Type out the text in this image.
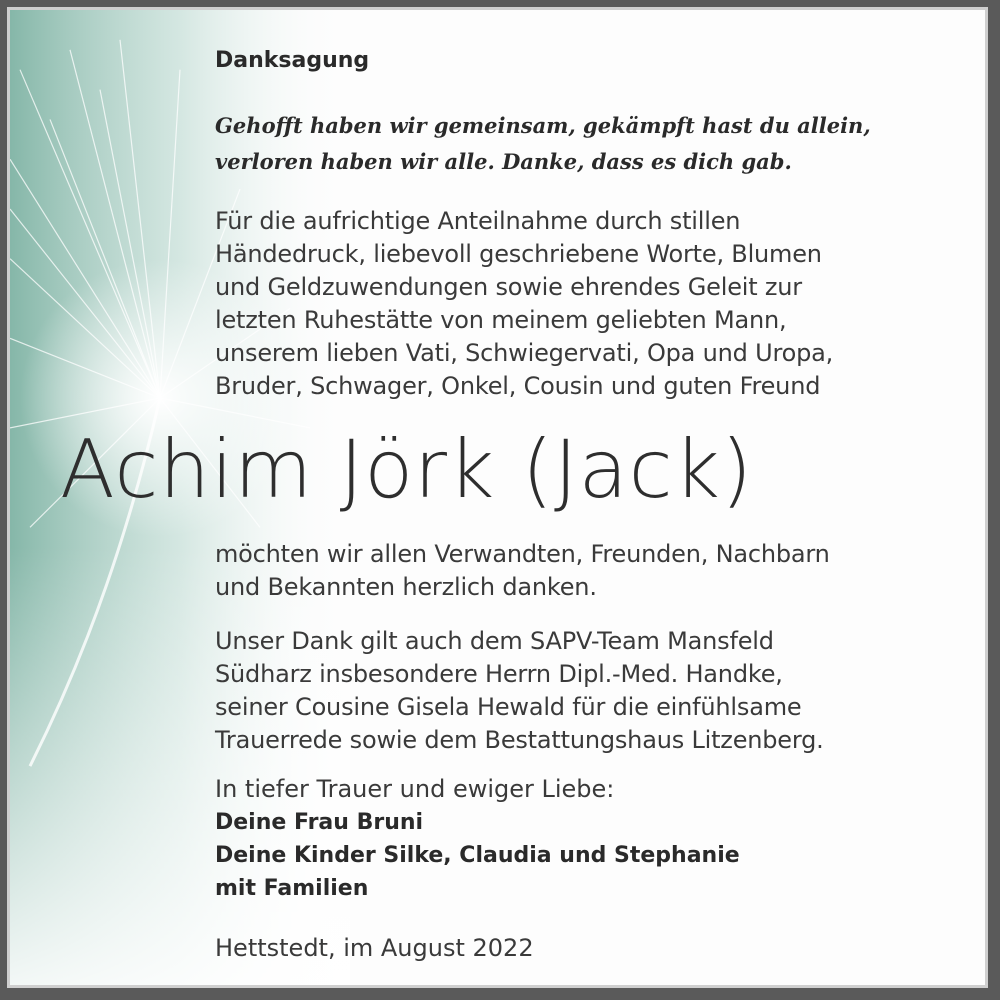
Danksagung
Gehofft haben wir gemeinsam, gekämpft hast du allein,
verloren haben wir alle. Danke, dass es dich gab.
Für die aufrichtige Anteilnahme durch stillen
Händedruck, liebevoll geschriebene Worte, Blumen
und Geldzuwendungen sowie ehrendes Geleit zur
letzten Ruhestätte von meinem geliebten Mann,
unserem lieben Vati, Schwiegervati, Opa und Uropa,
Bruder, Schwager, Onkel, Cousin und guten Freund
Achim Jörk (Jack)
möchten wir allen Verwandten, Freunden, Nachbarn
und Bekannten herzlich danken.
Unser Dank gilt auch dem SAPV-Team Mansfeld
Südharz insbesondere Herrn Dipl.-Med. Handke,
seiner Cousine Gisela Hewald für die einfühlsame
Trauerrede sowie dem Bestattungshaus Litzenberg.
In tiefer Trauer und ewiger Liebe:
Deine Frau Bruni
Deine Kinder Silke, Claudia und Stephanie
mit Familien
Hettstedt, im August 2022
